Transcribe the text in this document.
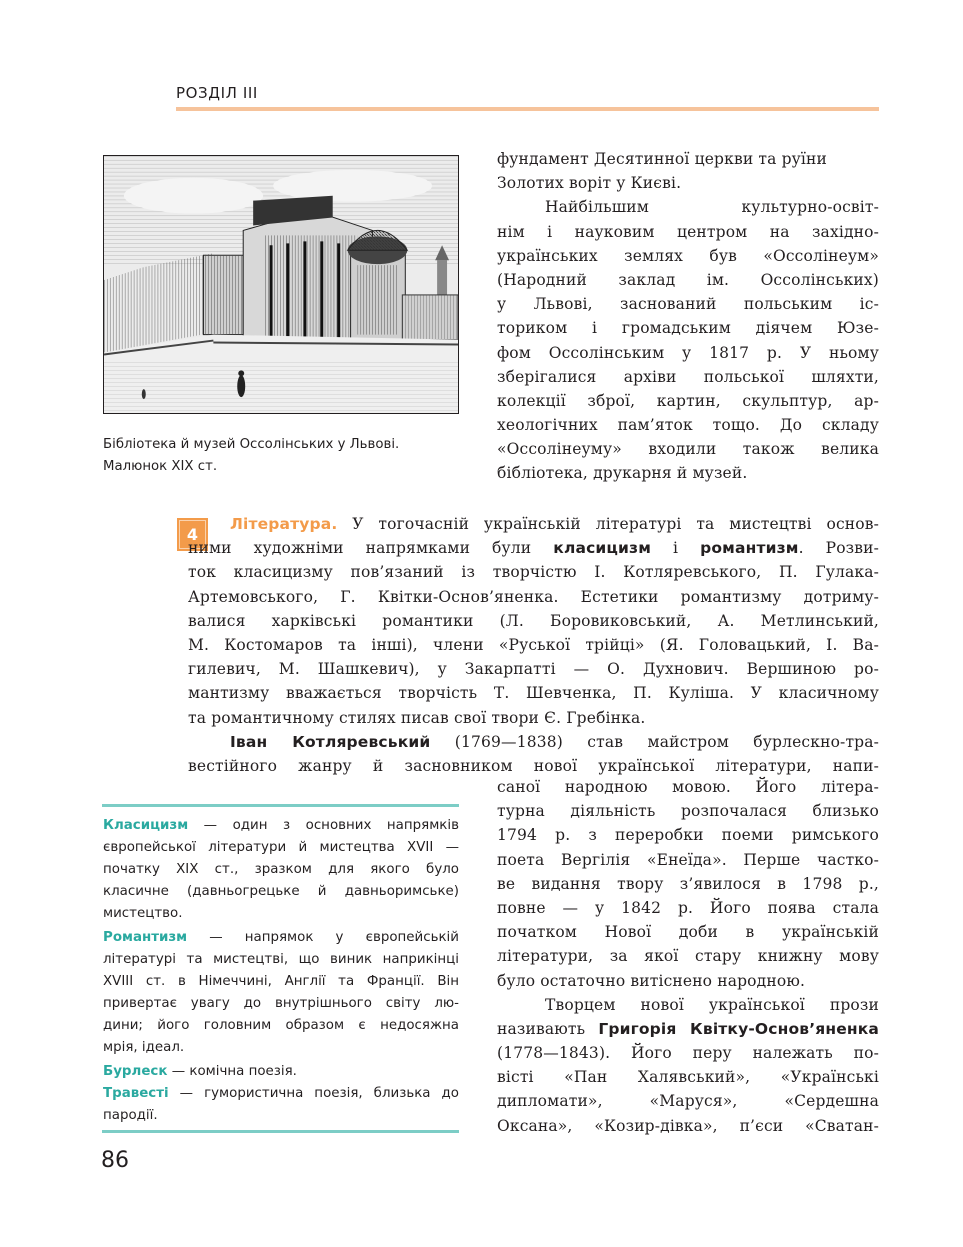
РОЗДІЛ III
Бібліотека й музей Оссолінських у Львові.
Малюнок XIX ст.
фундамент Десятинної церкви та руїни
Золотих воріт у Києві.
Найбільшим культурно-освіт-
нім і науковим центром на західно-
українських землях був «Оссолінеум»
(Народний заклад ім. Оссолінських)
у Львові, заснований польським іс-
ториком і громадським діячем Юзе-
фом Оссолінським у 1817 р. У ньому
зберігалися архіви польської шляхти,
колекції зброї, картин, скульптур, ар-
хеологічних пам’яток тощо. До складу
«Оссолінеуму» входили також велика
бібліотека, друкарня й музей.
4
Література. У тогочасній українській літературі та мистецтві основ-
ними художніми напрямками були класицизм і романтизм. Розви-
ток класицизму пов’язаний із творчістю І. Котляревського, П. Гулака-
Артемовського, Г. Квітки-Основ’яненка. Естетики романтизму дотриму-
валися харківські романтики (Л. Боровиковський, А. Метлинський,
М. Костомаров та інші), члени «Руської трійці» (Я. Головацький, І. Ва-
гилевич, М. Шашкевич), у Закарпатті — О. Духнович. Вершиною ро-
мантизму вважається творчість Т. Шевченка, П. Куліша. У класичному
та романтичному стилях писав свої твори Є. Гребінка.
Іван Котляревський (1769—1838) став майстром бурлескно-тра-
вестійного жанру й засновником нової української літератури, напи-
саної народною мовою. Його літера-
турна діяльність розпочалася близько
1794 р. з переробки поеми римського
поета Вергілія «Енеїда». Перше частко-
ве видання твору з’явилося в 1798 р.,
повне — у 1842 р. Його поява стала
початком Нової доби в українській
літератури, за якої стару книжну мову
було остаточно витіснено народною.
Творцем нової української прози
називають Григорія Квітку-Основ’яненка
(1778—1843). Його перу належать по-
вісті «Пан Халявський», «Українські
дипломати», «Маруся», «Сердешна
Оксана», «Козир-дівка», п’єси «Сватан-
Класицизм — один з основних напрямків
європейської літератури й мистецтва XVII —
початку XIX ст., зразком для якого було
класичне (давньогрецьке й давньоримське)
мистецтво.
Романтизм — напрямок у європейській
літературі та мистецтві, що виник наприкінці
XVIII ст. в Німеччині, Англії та Франції. Він
привертає увагу до внутрішнього світу лю-
дини; його головним образом є недосяжна
мрія, ідеал.
Бурлеск — комічна поезія.
Травесті — гумористична поезія, близька до
пародії.
86
